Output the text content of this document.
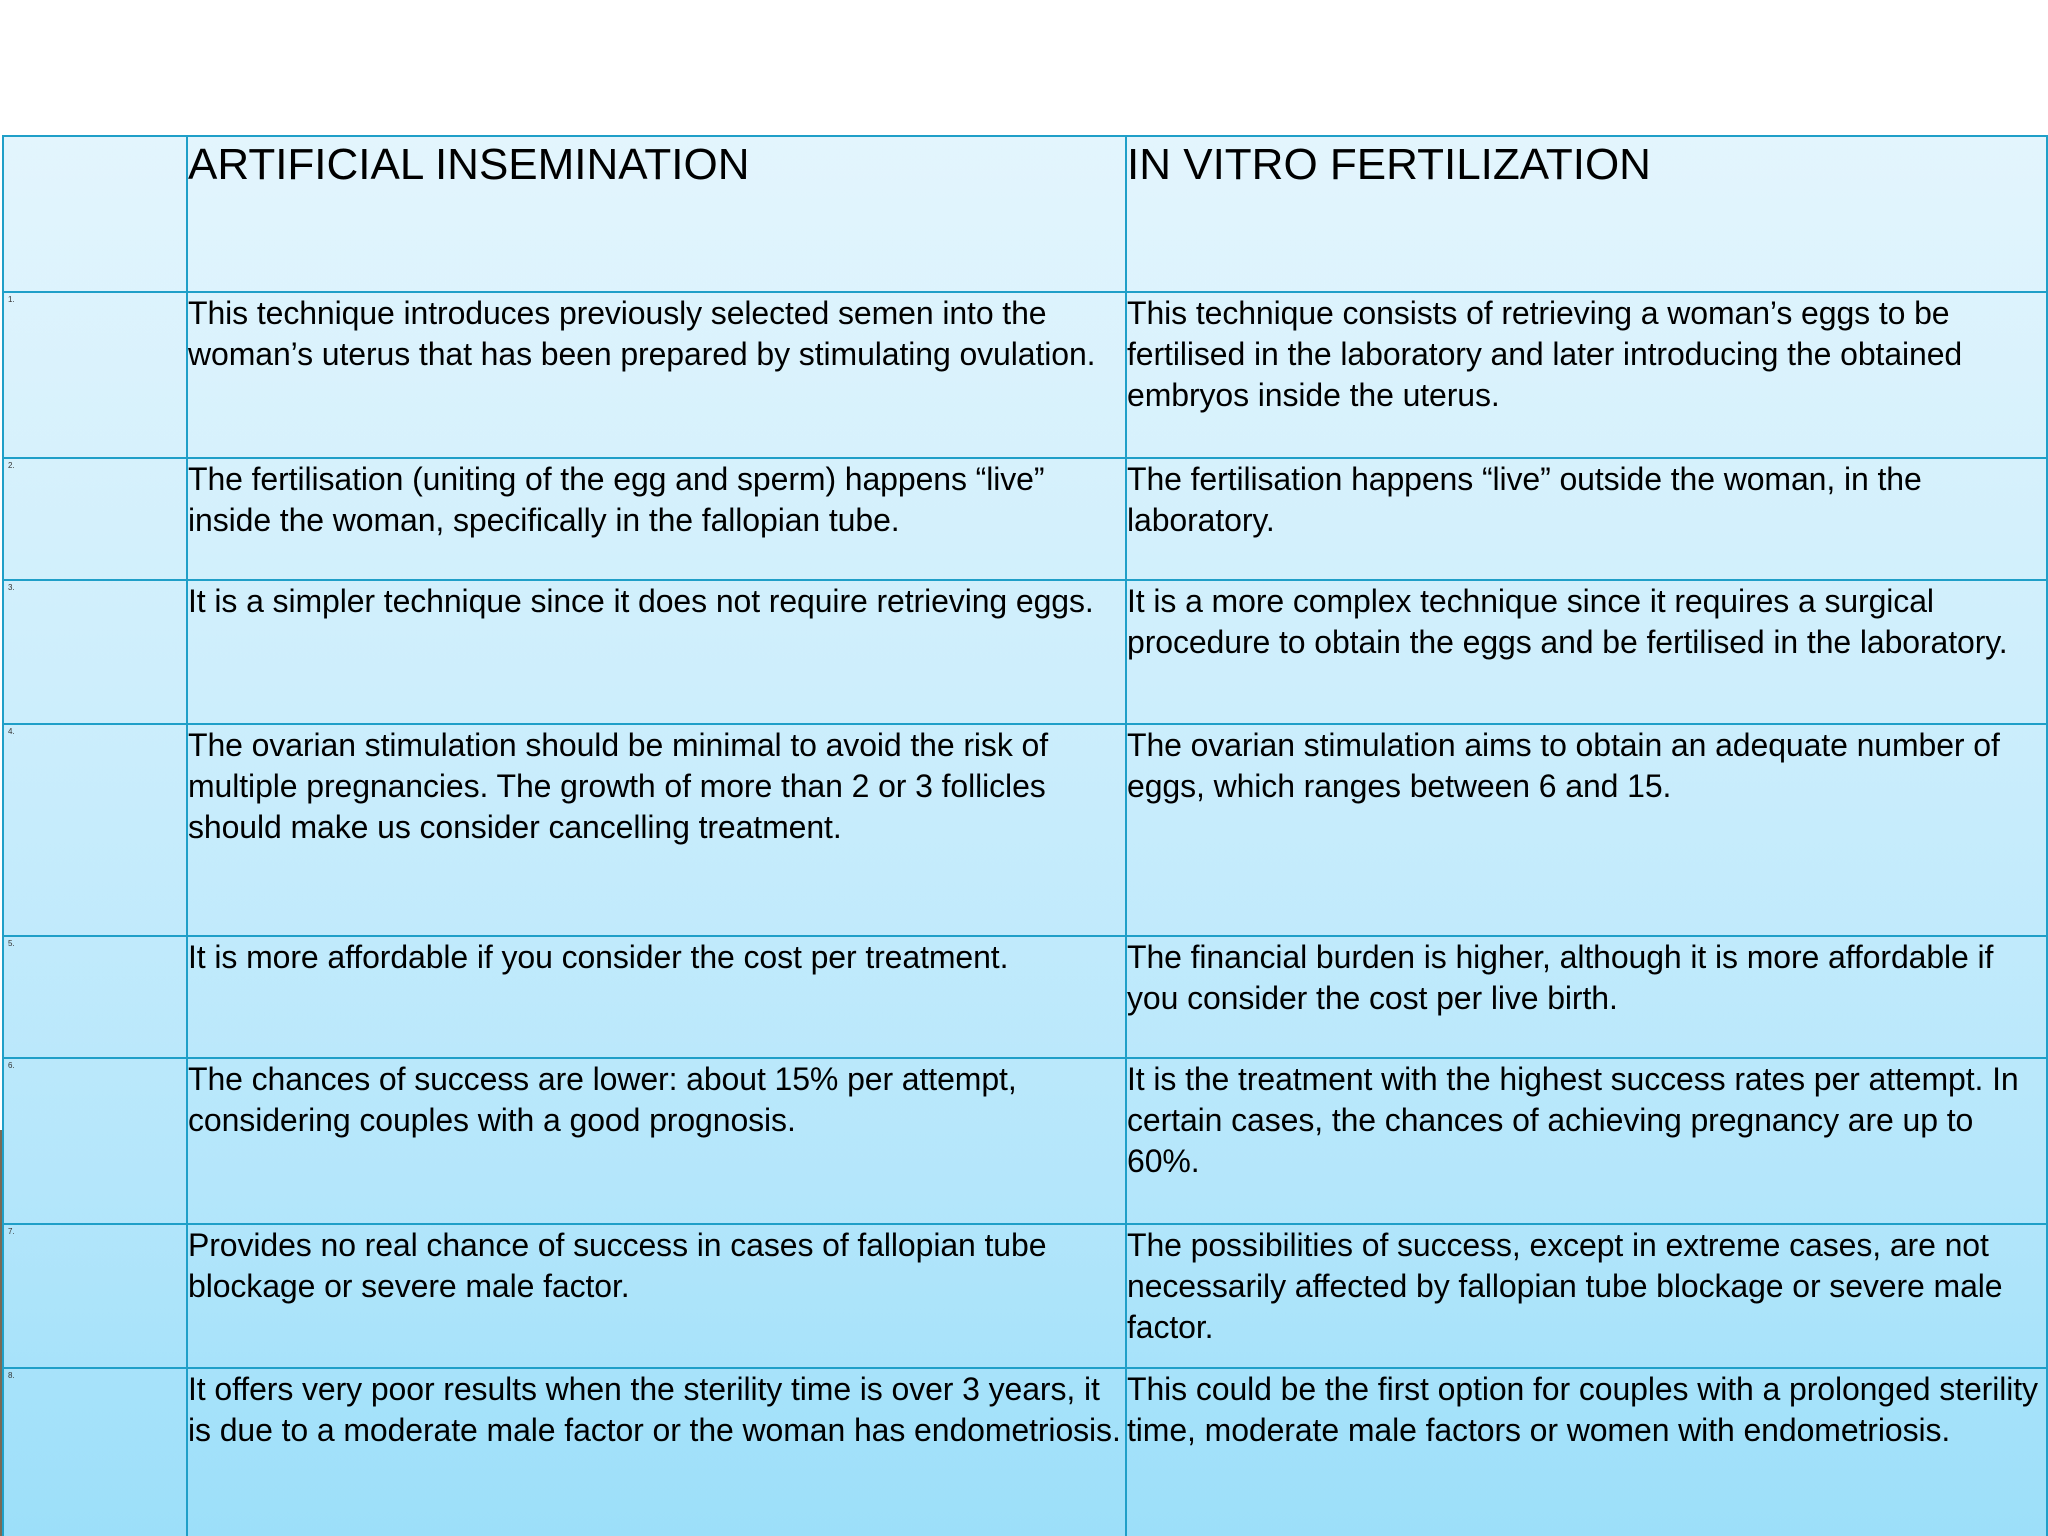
	ARTIFICIAL INSEMINATION	IN VITRO FERTILIZATION

1.	This technique introduces previously selected semen into the woman’s uterus that has been prepared by stimulating ovulation.	This technique consists of retrieving a woman’s eggs to be fertilised in the laboratory and later introducing the obtained embryos inside the uterus.

2.	The fertilisation (uniting of the egg and sperm) happens “live” inside the woman, specifically in the fallopian tube.	The fertilisation happens “live” outside the woman, in the laboratory.

3.	It is a simpler technique since it does not require retrieving eggs.	It is a more complex technique since it requires a surgical procedure to obtain the eggs and be fertilised in the laboratory.

4.	The ovarian stimulation should be minimal to avoid the risk of multiple pregnancies. The growth of more than 2 or 3 follicles should make us consider cancelling treatment.	The ovarian stimulation aims to obtain an adequate number of eggs, which ranges between 6 and 15.

5.	It is more affordable if you consider the cost per treatment.	The financial burden is higher, although it is more affordable if you consider the cost per live birth.

6.	The chances of success are lower: about 15% per attempt, considering couples with a good prognosis.	It is the treatment with the highest success rates per attempt. In certain cases, the chances of achieving pregnancy are up to 60%.

7.	Provides no real chance of success in cases of fallopian tube blockage or severe male factor.	The possibilities of success, except in extreme cases, are not necessarily affected by fallopian tube blockage or severe male factor.

8.	It offers very poor results when the sterility time is over 3 years, it is due to a moderate male factor or the woman has endometriosis.	This could be the first option for couples with a prolonged sterility time, moderate male factors or women with endometriosis.
